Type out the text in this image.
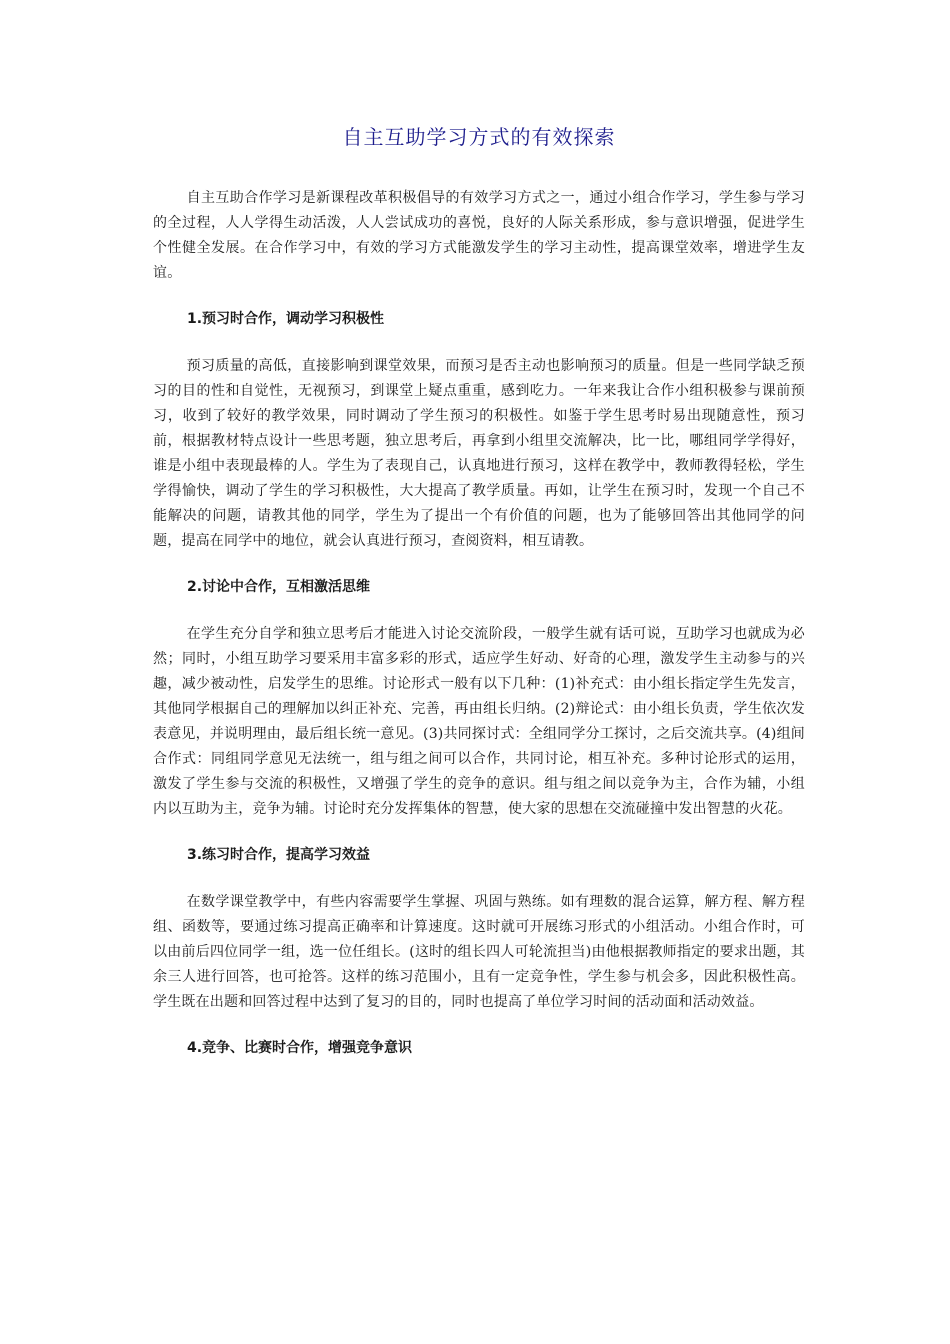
自主互助学习方式的有效探索

自主互助合作学习是新课程改革积极倡导的有效学习方式之一，通过小组合作学习，学生参与学习的全过程，人人学得生动活泼，人人尝试成功的喜悦，良好的人际关系形成，参与意识增强，促进学生个性健全发展。在合作学习中，有效的学习方式能激发学生的学习主动性，提高课堂效率，增进学生友谊。

1.预习时合作，调动学习积极性

预习质量的高低，直接影响到课堂效果，而预习是否主动也影响预习的质量。但是一些同学缺乏预习的目的性和自觉性，无视预习，到课堂上疑点重重，感到吃力。一年来我让合作小组积极参与课前预习，收到了较好的教学效果，同时调动了学生预习的积极性。如鉴于学生思考时易出现随意性，预习前，根据教材特点设计一些思考题，独立思考后，再拿到小组里交流解决，比一比，哪组同学学得好，谁是小组中表现最棒的人。学生为了表现自己，认真地进行预习，这样在教学中，教师教得轻松，学生学得愉快，调动了学生的学习积极性，大大提高了教学质量。再如，让学生在预习时，发现一个自己不能解决的问题，请教其他的同学，学生为了提出一个有价值的问题，也为了能够回答出其他同学的问题，提高在同学中的地位，就会认真进行预习，查阅资料，相互请教。

2.讨论中合作，互相激活思维

在学生充分自学和独立思考后才能进入讨论交流阶段，一般学生就有话可说，互助学习也就成为必然；同时，小组互助学习要采用丰富多彩的形式，适应学生好动、好奇的心理，激发学生主动参与的兴趣，减少被动性，启发学生的思维。讨论形式一般有以下几种：(1)补充式：由小组长指定学生先发言，其他同学根据自己的理解加以纠正补充、完善，再由组长归纳。(2)辩论式：由小组长负责，学生依次发表意见，并说明理由，最后组长统一意见。(3)共同探讨式：全组同学分工探讨，之后交流共享。(4)组间合作式：同组同学意见无法统一，组与组之间可以合作，共同讨论，相互补充。多种讨论形式的运用，激发了学生参与交流的积极性，又增强了学生的竞争的意识。组与组之间以竞争为主，合作为辅，小组内以互助为主，竞争为辅。讨论时充分发挥集体的智慧，使大家的思想在交流碰撞中发出智慧的火花。

3.练习时合作，提高学习效益

在数学课堂教学中，有些内容需要学生掌握、巩固与熟练。如有理数的混合运算，解方程、解方程组、函数等，要通过练习提高正确率和计算速度。这时就可开展练习形式的小组活动。小组合作时，可以由前后四位同学一组，选一位任组长。(这时的组长四人可轮流担当)由他根据教师指定的要求出题，其余三人进行回答，也可抢答。这样的练习范围小，且有一定竞争性，学生参与机会多，因此积极性高。学生既在出题和回答过程中达到了复习的目的，同时也提高了单位学习时间的活动面和活动效益。

4.竞争、比赛时合作，增强竞争意识
